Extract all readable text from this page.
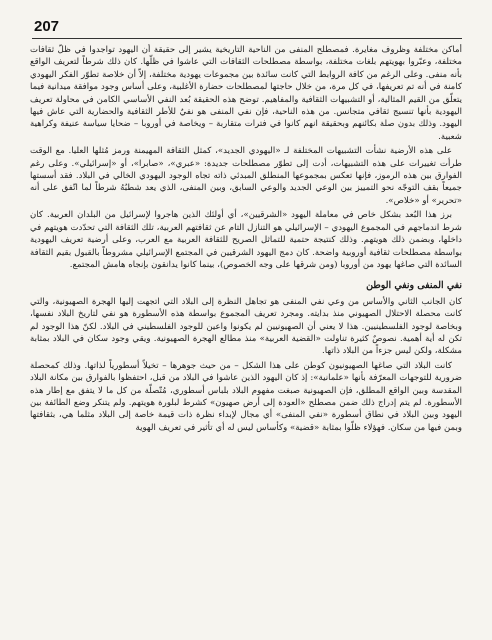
207

أماكن مختلفة وظروف مغايرة. فمصطلح المنفى من الناحية التاريخية يشير إلى حقيقة أن اليهود تواجدوا في ظلّ ثقافات مختلفة، وعبّروا بهويتهم بلغات مختلفة، بواسطة مصطلحات الثقافات التي عاشوا في ظلّها. كان ذلك شرطاً لتعريف الواقع بأنه منفى. وعلى الرغم من كافة الروابط التي كانت سائدة بين مجموعات يهودية مختلفة، إلاّ أن خلاصة تطوّر الفكر اليهودي كامنة في أنه تم تعريفها، في كل مرة، من خلال حاجتها لمصطلحات حضارة الأغلبية، وعلى أساس وجود موافقة ميدانية فيما يتعلّق من القيم المثالية، أو التشبيهات الثقافية والمفاهيم. توضح هذه الحقيقة بُعد النفي الأساسي الكامن في محاولة تعريف اليهودية بأنها تنسيج ثقافي متجانس. من هذه الناحية، فإن نفي المنفى هو نفيٌ للأطر الثقافية والحضارية التي عاش فيها اليهود. وذلك بدون صلة بكائنهم وبحقيقة انهم كانوا في فترات متقاربة – ويخاصة في أوروبا – ضحايا سياسة عنيفة وكراهية شعبية.

على هذه الأرضية نشأت التشبيهات المختلفة لـ «اليهودي الجديد»، كمثل الثقافة المهيمنة ورمز مُثلها العليا. مع الوقت طرأت تغييرات على هذه التشبيهات، أدت إلى تطوّر مصطلحات جديدة: «عبري»، «صابرا»، أو «إسرائيلي». وعلى رغم الفوارق بين هذه الرموز، فإنها تعكس بمجموعها المنطلق المبدئي ذاته تجاه الوجود اليهودي الخالي في البلاد. فقد أسستها جميعاً بقف التوجّه نحو التمييز بين الوعي الجديد والوعي السابق، وبين المنفى، الذي يعد شطبُهُ شرطاً لما اتّفق على أنه «تحرير» أو «خلاص».

برز هذا البُعد بشكل خاص في معاملة اليهود «الشرقيين»، أي أولئك الذين هاجروا لإسرائيل من البلدان العربية. كان شرط اندماجهم في المجموع اليهودي – الإسرائيلي هو التنازل التام عن ثقافتهم العربية، تلك الثقافة التي تحدّدت هويتهم في داخلها، وبضمن ذلك هويتهم. وذلك كنتيجة حتمية للتماثل الصريح للثقافة العربية مع العرب، وعلى أرضية تعريف اليهودية بواسطة مصطلحات ثقافية أوروبية واضحة. كان دمج اليهود الشرقيين في المجتمع الإسرائيلي مشروطاً بالقبول بقيم الثقافة السائدة التي صاغها يهود من أوروبا (ومن شرقها على وجه الخصوص)، بينما كانوا يدانقون بإنجاه هامش المجتمع.

نفي المنفى ونفي الوطن

كان الجانب الثاني والأساس من وعي نفي المنفى هو تجاهل النظرة إلى البلاد التي اتجهت إليها الهجرة الصهيونية، والتي كانت محصلة الاحتلال الصهيوني منذ بدايته. ومجرد تعريف المجموع بواسطة هذه الأسطورة هو نفي لتاريخ البلاد نفسها، وبخاصة لوجود الفلسطينيين. هذا لا يعني أن الصهيونيين لم يكونوا واعين للوجود الفلسطيني في البلاد. لكنّ هذا الوجود لم تكن له أية أهمية. نصوصٌ كثيرة تناولت «القضية العربية» منذ مطالع الهجرة الصهيونية. ويقي وجود سكان في البلاد بمثابة مشكلة، ولكن ليس جزءاً من البلاد ذاتها.

كانت البلاد التي صاغها الصهيونيون كوطن على هذا الشكل – من حيث جوهرها – تخيلاً أسطورياً لذاتها. وذلك كمحصلة ضرورية للتوجهات المعرّفة بأنها «علمانية»: إذ كان اليهود الذين عاشوا في البلاد من قبل، احتفظوا بالفوارق بين مكانة البلاد المقدسة وبين الواقع المطلق، فإن الصهيونية صبغت مفهوم البلاد بلباس أسطوري، مُتّصلّة من كل ما لا يتفق مع إطار هذه الأسطورة. لم يتم إدراج ذلك ضمن مصطلح «العودة إلى أرض صهيون» كشرط لبلورة هويتهم. ولم يتنكر وضع الطائفة بين اليهود وبين البلاد في نطاق أسطورة «نفي المنفى» أي مجال لإبداء نظرة ذات قيمة خاصة إلى البلاد مثلما هي، بثقافتها وبمن فيها من سكان. فهؤلاء ظلّوا بمثابة «قضية» وكأساس ليس له أي تأثير في تعريف الهوية
